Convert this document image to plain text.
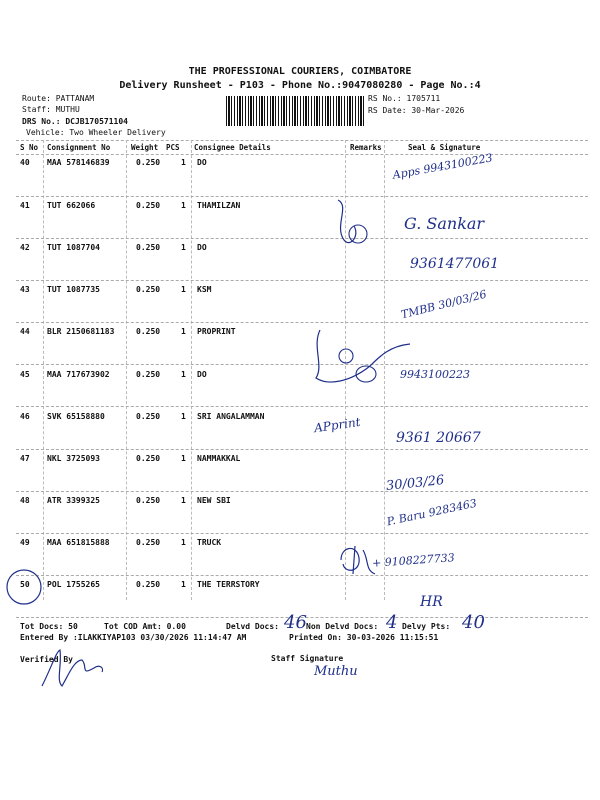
THE PROFESSIONAL COURIERS, COIMBATORE
Delivery Runsheet - P103 - Phone No.:9047080280 - Page No.:4
Route: PATTANAM
Staff: MUTHU
DRS No.: DCJB170571104
Vehicle: Two Wheeler Delivery
RS No.: 1705711
RS Date: 30-Mar-2026
S No Consignment No	Weight PCS Consignee Details	Remarks	Seal & Signature
40 MAA 578146839	0.250	1 DO
41 TUT 662066	0.250	1 THAMILZAN
42 TUT 1087704	0.250	1 DO
43 TUT 1087735	0.250	1 KSM
44 BLR 2150681183	0.250	1 PROPRINT
45 MAA 717673902	0.250	1 DO
46 SVK 65158880	0.250	1 SRI ANGALAMMAN
47 NKL 3725093	0.250	1 NAMMAKKAL
48 ATR 3399325	0.250	1 NEW SBI
49 MAA 651815888	0.250	1 TRUCK
50 POL 1755265	0.250	1 THE TERRSTORY
Tot Docs: 50	Tot COD Amt: 0.00	Delvd Docs: 46 Non Delvd Docs: 4 Delvy Pts: 40
Entered By :ILAKKIYAP103 03/30/2026 11:14:47 AM	Printed On: 30-03-2026 11:15:51
Verified By	Staff Signature
Apps 9943100223
G. Sankar
9361477061
TMBB 30/03/26
9943100223
APprint
9361 20667
30/03/26
P. Baru 9283463
+ 9108227733
HR
Muthu
